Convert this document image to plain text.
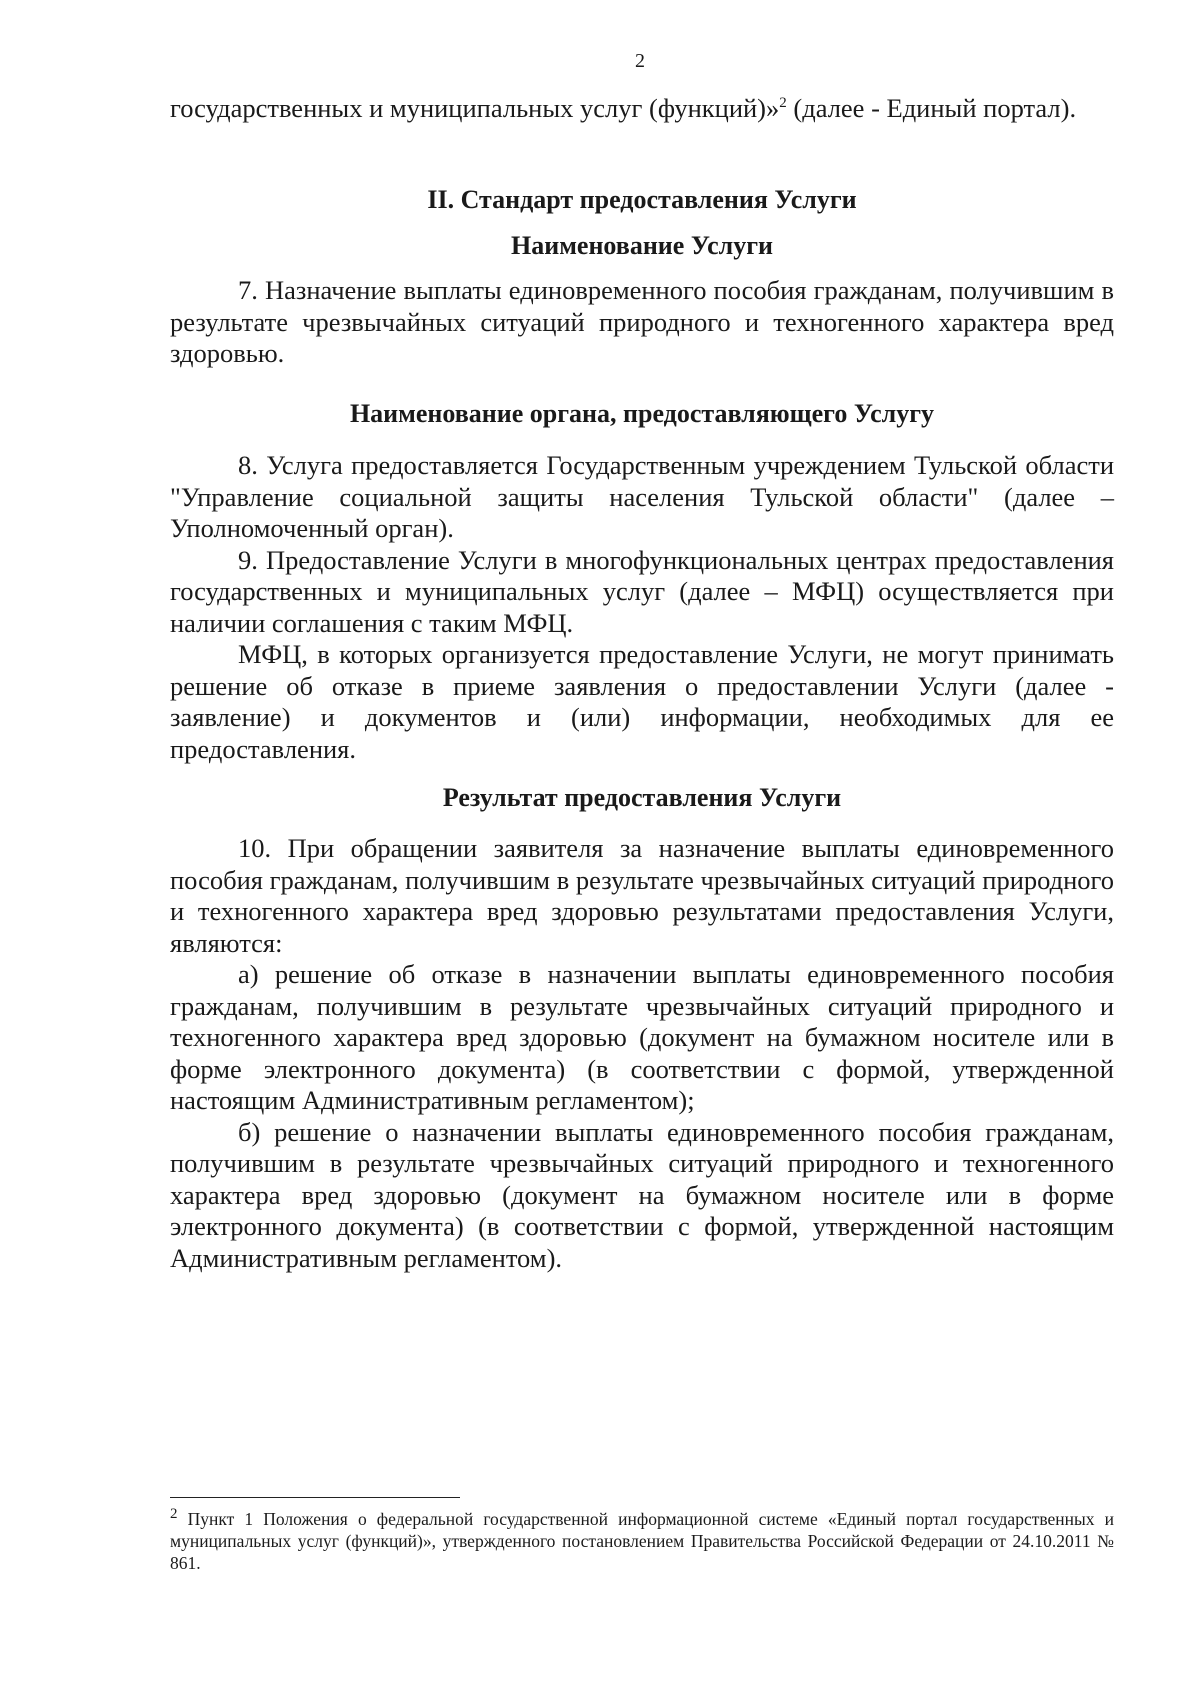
2

государственных и муниципальных услуг (функций)»$^2$ (далее - Единый портал).

II. Стандарт предоставления Услуги

Наименование Услуги

7. Назначение выплаты единовременного пособия гражданам, получившим в результате чрезвычайных ситуаций природного и техногенного характера вред здоровью.

Наименование органа, предоставляющего Услугу

8. Услуга предоставляется Государственным учреждением Тульской области "Управление социальной защиты населения Тульской области" (далее – Уполномоченный орган).

9. Предоставление Услуги в многофункциональных центрах предоставления государственных и муниципальных услуг (далее – МФЦ) осуществляется при наличии соглашения с таким МФЦ.

МФЦ, в которых организуется предоставление Услуги, не могут принимать решение об отказе в приеме заявления о предоставлении Услуги (далее - заявление) и документов и (или) информации, необходимых для ее предоставления.

Результат предоставления Услуги

10. При обращении заявителя за назначение выплаты единовременного пособия гражданам, получившим в результате чрезвычайных ситуаций природного и техногенного характера вред здоровью результатами предоставления Услуги, являются:

а) решение об отказе в назначении выплаты единовременного пособия гражданам, получившим в результате чрезвычайных ситуаций природного и техногенного характера вред здоровью (документ на бумажном носителе или в форме электронного документа) (в соответствии с формой, утвержденной настоящим Административным регламентом);

б) решение о назначении выплаты единовременного пособия гражданам, получившим в результате чрезвычайных ситуаций природного и техногенного характера вред здоровью (документ на бумажном носителе или в форме электронного документа) (в соответствии с формой, утвержденной настоящим Административным регламентом).

$^2$ Пункт 1 Положения о федеральной государственной информационной системе «Единый портал государственных и муниципальных услуг (функций)», утвержденного постановлением Правительства Российской Федерации от 24.10.2011 № 861.
